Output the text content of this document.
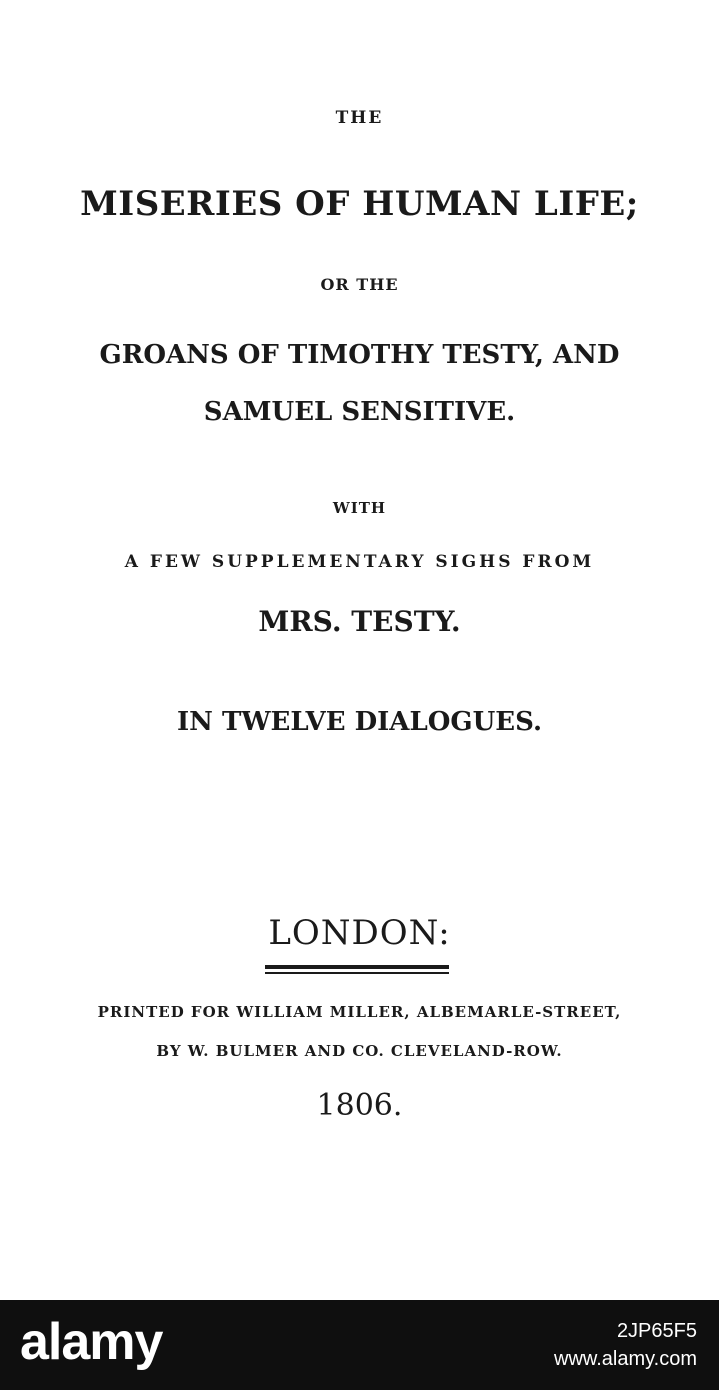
THE
MISERIES OF HUMAN LIFE;
OR THE
GROANS OF TIMOTHY TESTY, AND
SAMUEL SENSITIVE.
WITH
A FEW SUPPLEMENTARY SIGHS FROM
MRS. TESTY.
IN TWELVE DIALOGUES.
LONDON:
PRINTED FOR WILLIAM MILLER, ALBEMARLE-STREET,
BY W. BULMER AND CO. CLEVELAND-ROW.
1806.
alamy	2JP65F5
www.alamy.com
